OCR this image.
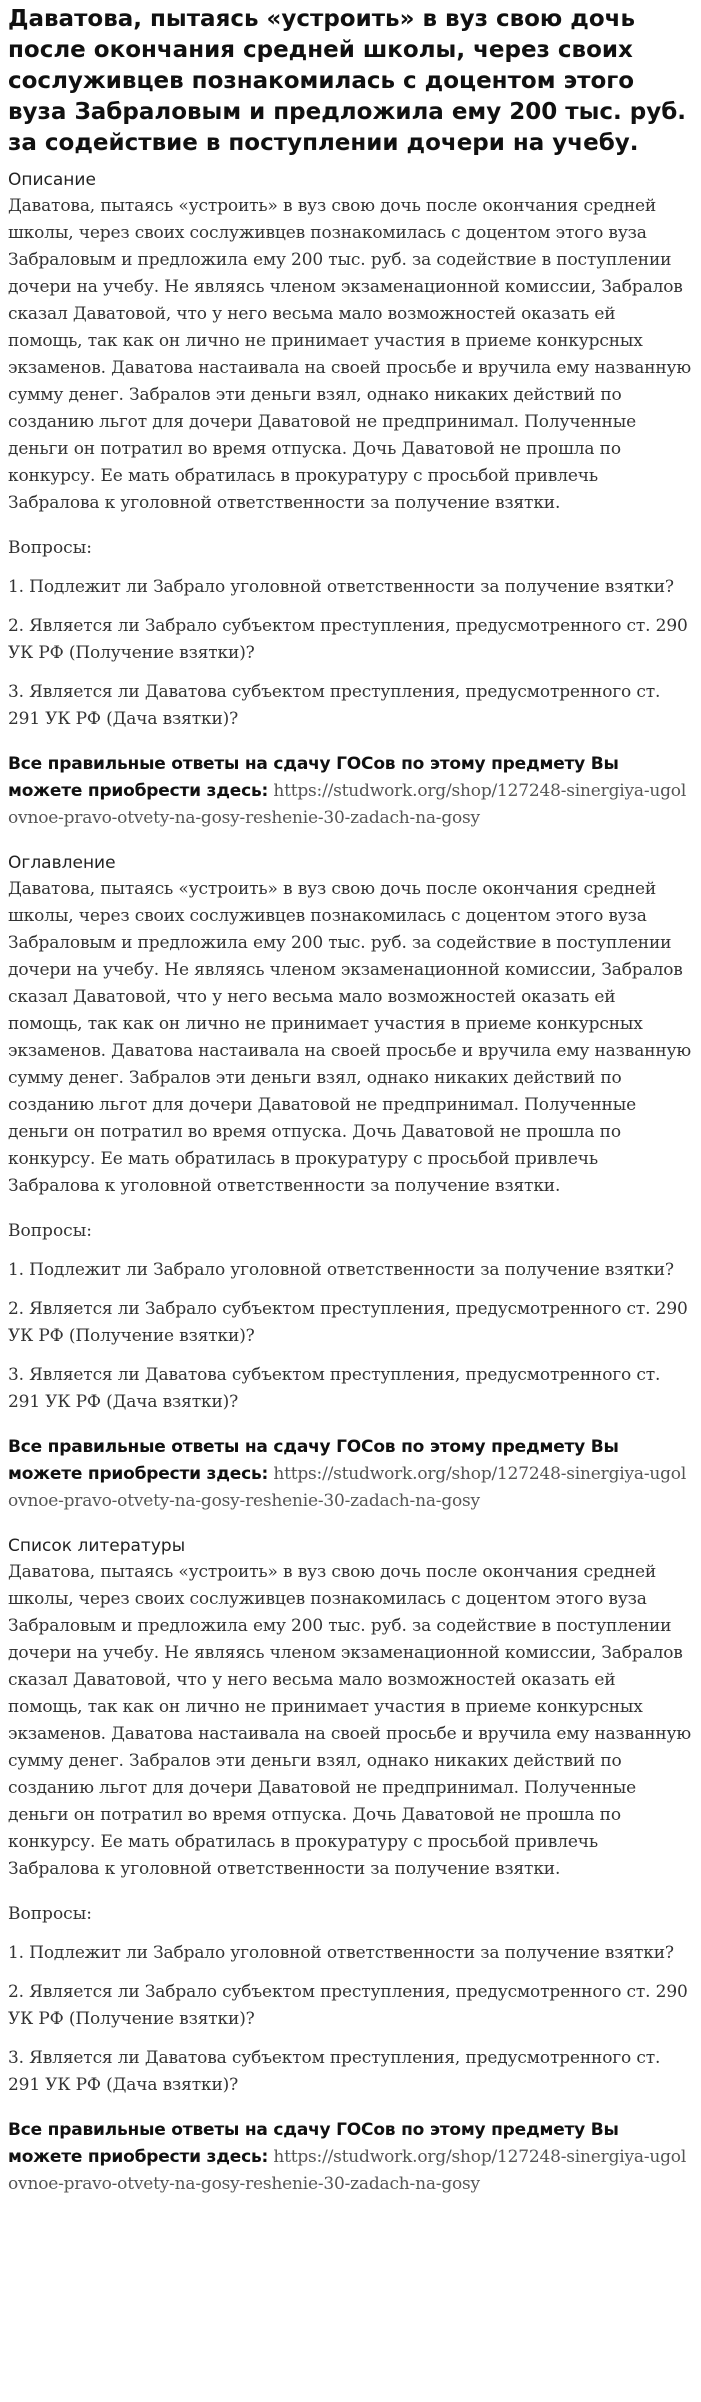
Даватова, пытаясь «устроить» в вуз свою дочь после окончания средней школы, через своих сослуживцев познакомилась с доцентом этого вуза Забраловым и предложила ему 200 тыс. руб. за содействие в поступлении дочери на учебу.
Описание

Даватова, пытаясь «устроить» в вуз свою дочь после окончания средней школы, через своих сослуживцев познакомилась с доцентом этого вуза Забраловым и предложила ему 200 тыс. руб. за содействие в поступлении дочери на учебу. Не являясь членом экзаменационной комиссии, Забралов сказал Даватовой, что у него весьма мало возможностей оказать ей помощь, так как он лично не принимает участия в приеме конкурсных экзаменов. Даватова настаивала на своей просьбе и вручила ему названную сумму денег. Забралов эти деньги взял, однако никаких действий по созданию льгот для дочери Даватовой не предпринимал. Полученные деньги он потратил во время отпуска. Дочь Даватовой не прошла по конкурсу. Ее мать обратилась в прокуратуру с просьбой привлечь Забралова к уголовной ответственности за получение взятки.

Вопросы:

1. Подлежит ли Забрало уголовной ответственности за получение взятки?

2. Является ли Забрало субъектом преступления, предусмотренного ст. 290 УК РФ (Получение взятки)?

3. Является ли Даватова субъектом преступления, предусмотренного ст. 291 УК РФ (Дача взятки)?

Все правильные ответы на сдачу ГОСов по этому предмету Вы можете приобрести здесь: https://studwork.org/shop/127248-sinergiya-ugolovnoe-pravo-otvety-na-gosy-reshenie-30-zadach-na-gosy

Оглавление

Даватова, пытаясь «устроить» в вуз свою дочь после окончания средней школы, через своих сослуживцев познакомилась с доцентом этого вуза Забраловым и предложила ему 200 тыс. руб. за содействие в поступлении дочери на учебу. Не являясь членом экзаменационной комиссии, Забралов сказал Даватовой, что у него весьма мало возможностей оказать ей помощь, так как он лично не принимает участия в приеме конкурсных экзаменов. Даватова настаивала на своей просьбе и вручила ему названную сумму денег. Забралов эти деньги взял, однако никаких действий по созданию льгот для дочери Даватовой не предпринимал. Полученные деньги он потратил во время отпуска. Дочь Даватовой не прошла по конкурсу. Ее мать обратилась в прокуратуру с просьбой привлечь Забралова к уголовной ответственности за получение взятки.

Вопросы:

1. Подлежит ли Забрало уголовной ответственности за получение взятки?

2. Является ли Забрало субъектом преступления, предусмотренного ст. 290 УК РФ (Получение взятки)?

3. Является ли Даватова субъектом преступления, предусмотренного ст. 291 УК РФ (Дача взятки)?

Все правильные ответы на сдачу ГОСов по этому предмету Вы можете приобрести здесь: https://studwork.org/shop/127248-sinergiya-ugolovnoe-pravo-otvety-na-gosy-reshenie-30-zadach-na-gosy

Список литературы

Даватова, пытаясь «устроить» в вуз свою дочь после окончания средней школы, через своих сослуживцев познакомилась с доцентом этого вуза Забраловым и предложила ему 200 тыс. руб. за содействие в поступлении дочери на учебу. Не являясь членом экзаменационной комиссии, Забралов сказал Даватовой, что у него весьма мало возможностей оказать ей помощь, так как он лично не принимает участия в приеме конкурсных экзаменов. Даватова настаивала на своей просьбе и вручила ему названную сумму денег. Забралов эти деньги взял, однако никаких действий по созданию льгот для дочери Даватовой не предпринимал. Полученные деньги он потратил во время отпуска. Дочь Даватовой не прошла по конкурсу. Ее мать обратилась в прокуратуру с просьбой привлечь Забралова к уголовной ответственности за получение взятки.

Вопросы:

1. Подлежит ли Забрало уголовной ответственности за получение взятки?

2. Является ли Забрало субъектом преступления, предусмотренного ст. 290 УК РФ (Получение взятки)?

3. Является ли Даватова субъектом преступления, предусмотренного ст. 291 УК РФ (Дача взятки)?

Все правильные ответы на сдачу ГОСов по этому предмету Вы можете приобрести здесь: https://studwork.org/shop/127248-sinergiya-ugolovnoe-pravo-otvety-na-gosy-reshenie-30-zadach-na-gosy
